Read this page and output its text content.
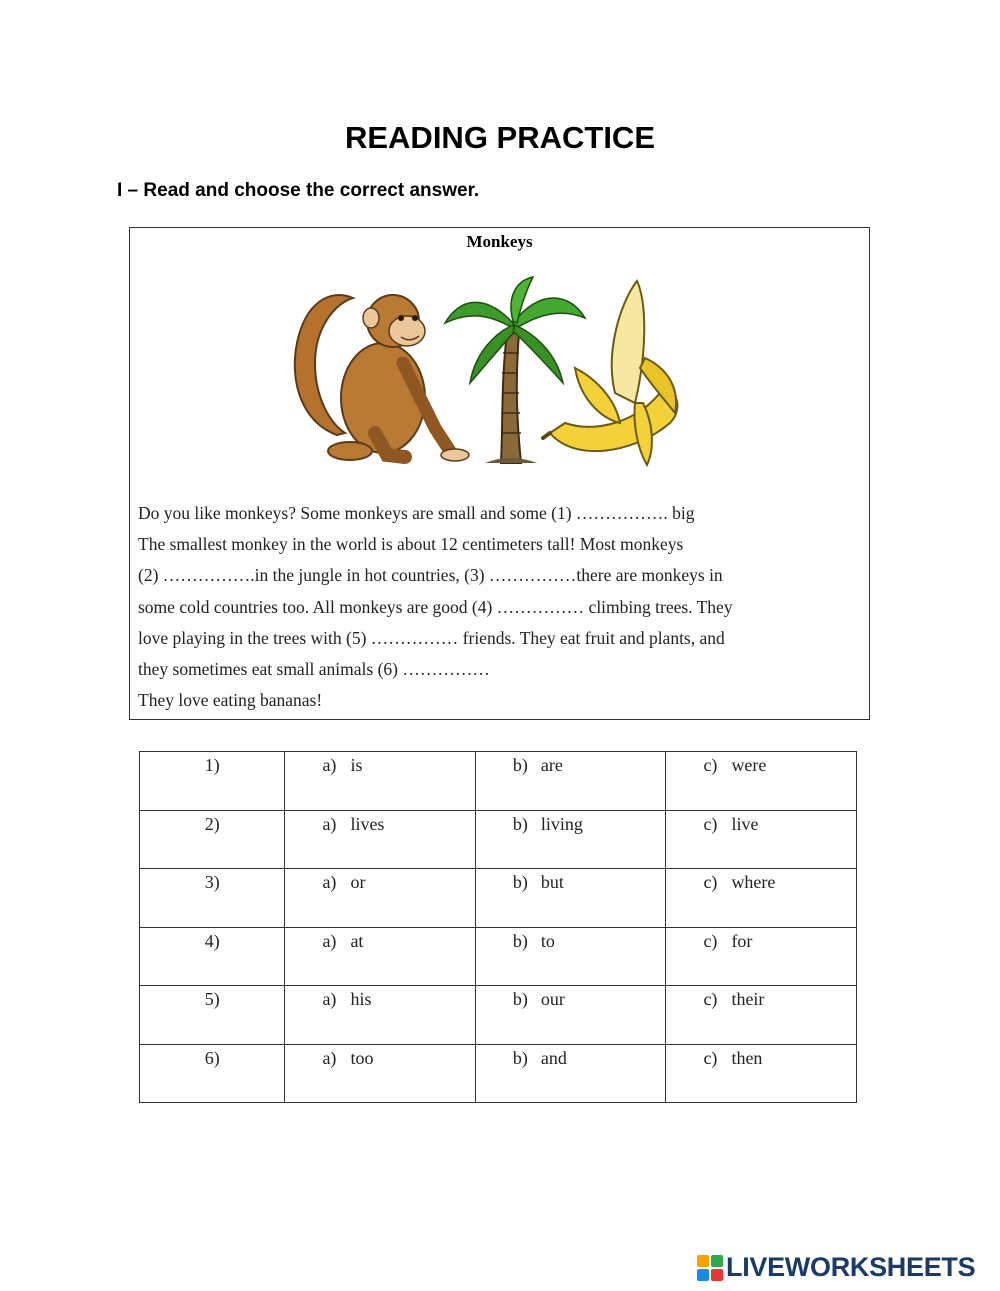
READING PRACTICE
I – Read and choose the correct answer.
Monkeys
Do you like monkeys? Some monkeys are small and some (1) ……………. big
The smallest monkey in the world is about 12 centimeters tall! Most monkeys
(2) …………….in the jungle in hot countries, (3) ……………there are monkeys in
some cold countries too. All monkeys are good (4) …………… climbing trees. They
love playing in the trees with (5) …………… friends. They eat fruit and plants, and
they sometimes eat small animals (6) ……………
They love eating bananas!
1)	a) is	b) are	c) were

2)	a) lives	b) living	c) live

3)	a) or	b) but	c) where

4)	a) at	b) to	c) for

5)	a) his	b) our	c) their

6)	a) too	b) and	c) then
LIVEWORKSHEETS
